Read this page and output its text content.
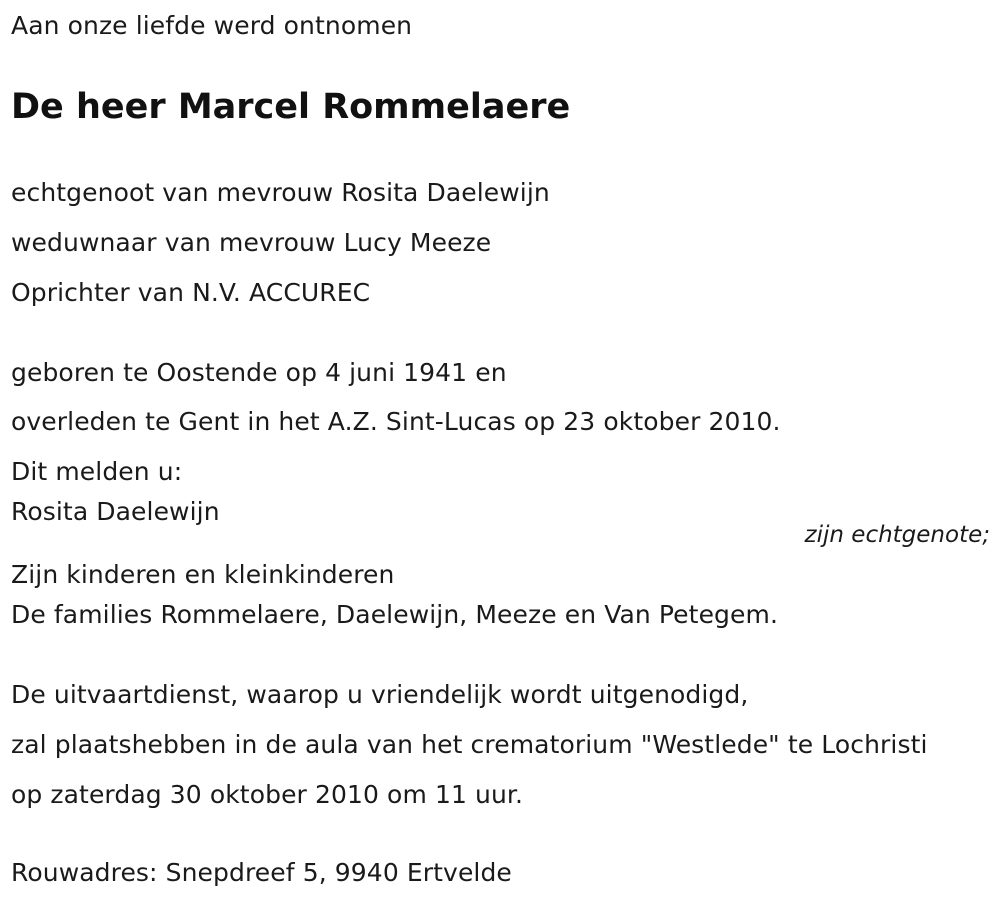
Aan onze liefde werd ontnomen
De heer Marcel Rommelaere
echtgenoot van mevrouw Rosita Daelewijn
weduwnaar van mevrouw Lucy Meeze
Oprichter van N.V. ACCUREC
geboren te Oostende op 4 juni 1941 en
overleden te Gent in het A.Z. Sint-Lucas op 23 oktober 2010.
Dit melden u:
Rosita Daelewijn
zijn echtgenote;
Zijn kinderen en kleinkinderen
De families Rommelaere, Daelewijn, Meeze en Van Petegem.
De uitvaartdienst, waarop u vriendelijk wordt uitgenodigd,
zal plaatshebben in de aula van het crematorium "Westlede" te Lochristi
op zaterdag 30 oktober 2010 om 11 uur.
Rouwadres: Snepdreef 5, 9940 Ertvelde
